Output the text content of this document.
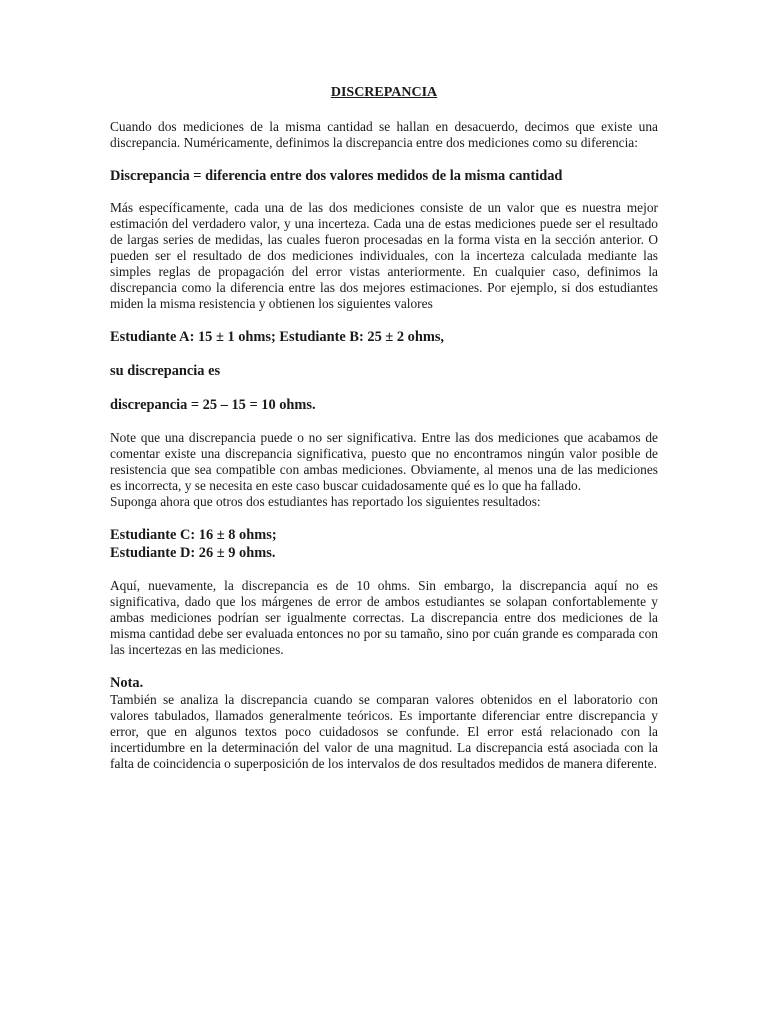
DISCREPANCIA

Cuando dos mediciones de la misma cantidad se hallan en desacuerdo, decimos que existe una discrepancia. Numéricamente, definimos la discrepancia entre dos mediciones como su diferencia:

Discrepancia = diferencia entre dos valores medidos de la misma cantidad

Más específicamente, cada una de las dos mediciones consiste de un valor que es nuestra mejor estimación del verdadero valor, y una incerteza. Cada una de estas mediciones puede ser el resultado de largas series de medidas, las cuales fueron procesadas en la forma vista en la sección anterior. O pueden ser el resultado de dos mediciones individuales, con la incerteza calculada mediante las simples reglas de propagación del error vistas anteriormente. En cualquier caso, definimos la discrepancia como la diferencia entre las dos mejores estimaciones. Por ejemplo, si dos estudiantes miden la misma resistencia y obtienen los siguientes valores

Estudiante A: 15 ± 1 ohms; Estudiante B: 25 ± 2 ohms,
su discrepancia es
discrepancia = 25 – 15 = 10 ohms.

Note que una discrepancia puede o no ser significativa. Entre las dos mediciones que acabamos de comentar existe una discrepancia significativa, puesto que no encontramos ningún valor posible de resistencia que sea compatible con ambas mediciones. Obviamente, al menos una de las mediciones es incorrecta, y se necesita en este caso buscar cuidadosamente qué es lo que ha fallado.

Suponga ahora que otros dos estudiantes has reportado los siguientes resultados:

Estudiante C: 16 ± 8 ohms;
Estudiante D: 26 ± 9 ohms.

Aquí, nuevamente, la discrepancia es de 10 ohms. Sin embargo, la discrepancia aquí no es significativa, dado que los márgenes de error de ambos estudiantes se solapan confortablemente y ambas mediciones podrían ser igualmente correctas. La discrepancia entre dos mediciones de la misma cantidad debe ser evaluada entonces no por su tamaño, sino por cuán grande es comparada con las incertezas en las mediciones.

Nota.

También se analiza la discrepancia cuando se comparan valores obtenidos en el laboratorio con valores tabulados, llamados generalmente teóricos. Es importante diferenciar entre discrepancia y error, que en algunos textos poco cuidadosos se confunde. El error está relacionado con la incertidumbre en la determinación del valor de una magnitud. La discrepancia está asociada con la falta de coincidencia o superposición de los intervalos de dos resultados medidos de manera diferente.
